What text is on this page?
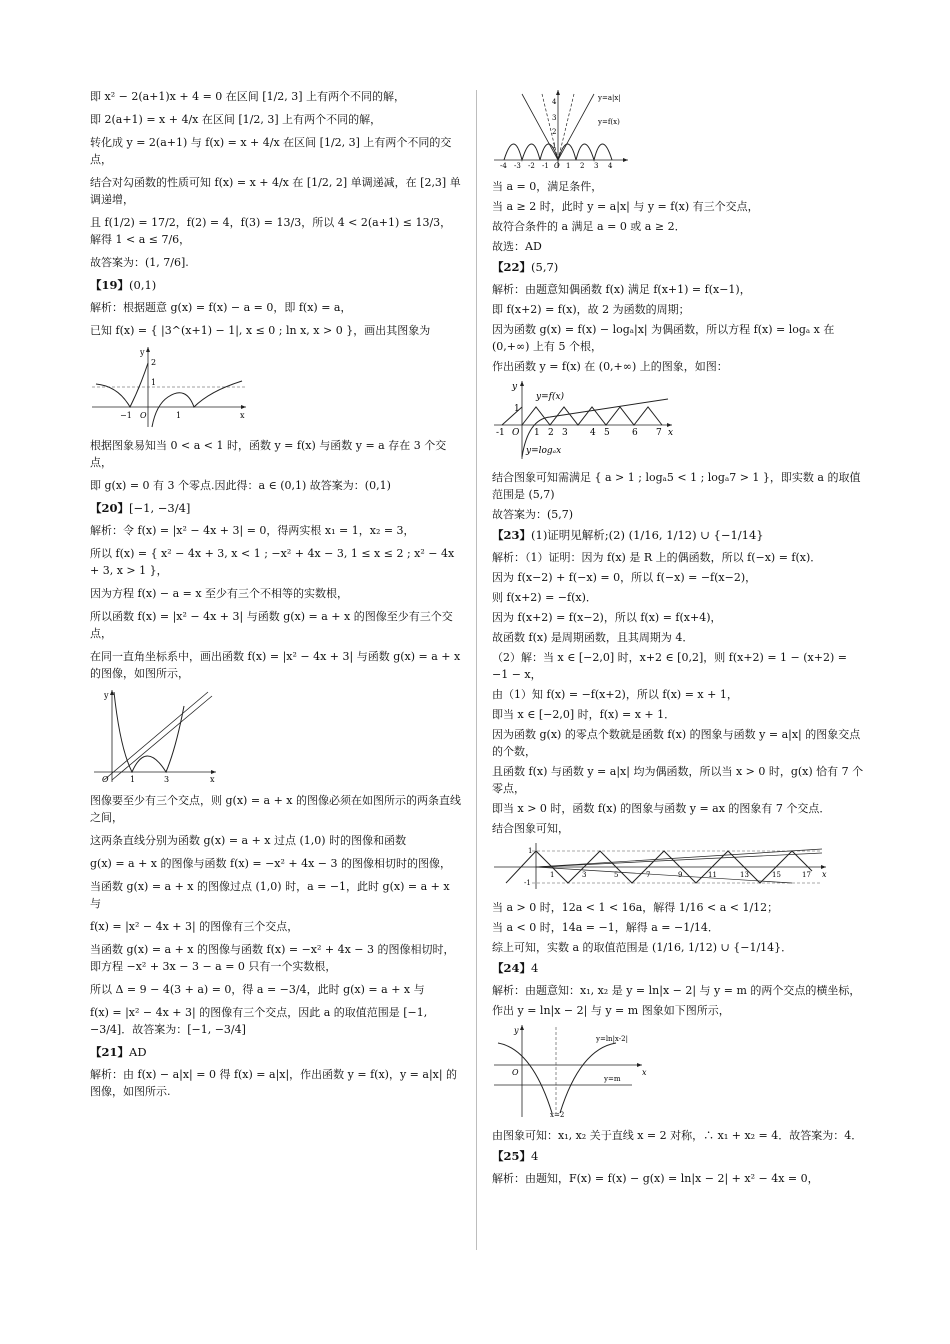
即 x² − 2(a+1)x + 4 = 0 在区间 [1/2, 3] 上有两个不同的解，

即 2(a+1) = x + 4/x 在区间 [1/2, 3] 上有两个不同的解，

转化成 y = 2(a+1) 与 f(x) = x + 4/x 在区间 [1/2, 3] 上有两个不同的交点，

结合对勾函数的性质可知 f(x) = x + 4/x 在 [1/2, 2] 单调递减，在 [2,3] 单调递增，

且 f(1/2) = 17/2，f(2) = 4，f(3) = 13/3，所以 4 < 2(a+1) ≤ 13/3，解得 1 < a ≤ 7/6，

故答案为：(1, 7/6].

【19】(0,1)

解析：根据题意 g(x) = f(x) − a = 0，即 f(x) = a，

已知 f(x) = { |3^(x+1) − 1|, x ≤ 0 ; ln x, x > 0 }，画出其图象为

y
x
2
1
−1 O	1

根据图象易知当 0 < a < 1 时，函数 y = f(x) 与函数 y = a 存在 3 个交点，

即 g(x) = 0 有 3 个零点.因此得：a ∈ (0,1) 故答案为：(0,1)

【20】[−1, −3/4]

解析：令 f(x) = |x² − 4x + 3| = 0，得两实根 x₁ = 1，x₂ = 3，

所以 f(x) = { x² − 4x + 3, x < 1 ; −x² + 4x − 3, 1 ≤ x ≤ 2 ; x² − 4x + 3, x > 1 }，

因为方程 f(x) − a = x 至少有三个不相等的实数根，

所以函数 f(x) = |x² − 4x + 3| 与函数 g(x) = a + x 的图像至少有三个交点，

在同一直角坐标系中，画出函数 f(x) = |x² − 4x + 3| 与函数 g(x) = a + x 的图像，如图所示，

y
x
O	1	3

图像要至少有三个交点，则 g(x) = a + x 的图像必须在如图所示的两条直线之间，

这两条直线分别为函数 g(x) = a + x 过点 (1,0) 时的图像和函数

g(x) = a + x 的图像与函数 f(x) = −x² + 4x − 3 的图像相切时的图像，

当函数 g(x) = a + x 的图像过点 (1,0) 时，a = −1，此时 g(x) = a + x 与

f(x) = |x² − 4x + 3| 的图像有三个交点，

当函数 g(x) = a + x 的图像与函数 f(x) = −x² + 4x − 3 的图像相切时，即方程 −x² + 3x − 3 − a = 0 只有一个实数根，

所以 Δ = 9 − 4(3 + a) = 0，得 a = −3/4，此时 g(x) = a + x 与

f(x) = |x² − 4x + 3| 的图像有三个交点，因此 a 的取值范围是 [−1, −3/4]．故答案为：[−1, −3/4]

【21】AD

解析：由 f(x) − a|x| = 0 得 f(x) = a|x|，作出函数 y = f(x)，y = a|x| 的图像，如图所示.

y=a|x|
y=f(x)
4
3
2
1
-4 -3 -2 -1 O 1 2 3 4

当 a = 0，满足条件，

当 a ≥ 2 时，此时 y = a|x| 与 y = f(x) 有三个交点，

故符合条件的 a 满足 a = 0 或 a ≥ 2．

故选：AD

【22】(5,7)

解析：由题意知偶函数 f(x) 满足 f(x+1) = f(x−1)，

即 f(x+2) = f(x)，故 2 为函数的周期；

因为函数 g(x) = f(x) − logₐ|x| 为偶函数，所以方程 f(x) = logₐ x 在 (0,+∞) 上有 5 个根，

作出函数 y = f(x) 在 (0,+∞) 上的图象，如图：

y
x
y=f(x)
y=logₐx
1
-1 O 1 2 3 4 5 6 7

结合图象可知需满足 { a > 1 ; logₐ5 < 1 ; logₐ7 > 1 }，即实数 a 的取值范围是 (5,7)

故答案为：(5,7)

【23】(1)证明见解析;(2) (1/16, 1/12) ∪ {−1/14}

解析：（1）证明：因为 f(x) 是 R 上的偶函数，所以 f(−x) = f(x)．

因为 f(x−2) + f(−x) = 0，所以 f(−x) = −f(x−2)，

则 f(x+2) = −f(x)．

因为 f(x+2) = f(x−2)，所以 f(x) = f(x+4)，

故函数 f(x) 是周期函数，且其周期为 4．

（2）解：当 x ∈ [−2,0] 时，x+2 ∈ [0,2]，则 f(x+2) = 1 − (x+2) = −1 − x，

由（1）知 f(x) = −f(x+2)，所以 f(x) = x + 1，

即当 x ∈ [−2,0] 时，f(x) = x + 1．

因为函数 g(x) 的零点个数就是函数 f(x) 的图象与函数 y = a|x| 的图象交点的个数，

且函数 f(x) 与函数 y = a|x| 均为偶函数，所以当 x > 0 时，g(x) 恰有 7 个零点，

即当 x > 0 时，函数 f(x) 的图象与函数 y = ax 的图象有 7 个交点．

结合图象可知，

1
-1
x
1	3	5	7	9	11	13	15	17

当 a > 0 时，12a < 1 < 16a，解得 1/16 < a < 1/12；

当 a < 0 时，14a = −1，解得 a = −1/14．

综上可知，实数 a 的取值范围是 (1/16, 1/12) ∪ {−1/14}．

【24】4

解析：由题意知：x₁, x₂ 是 y = ln|x − 2| 与 y = m 的两个交点的横坐标，

作出 y = ln|x − 2| 与 y = m 图象如下图所示，

y
x
O
y=ln|x-2|
y=m
x=2

由图象可知：x₁, x₂ 关于直线 x = 2 对称，∴ x₁ + x₂ = 4．故答案为：4．

【25】4

解析：由题知，F(x) = f(x) − g(x) = ln|x − 2| + x² − 4x = 0，
